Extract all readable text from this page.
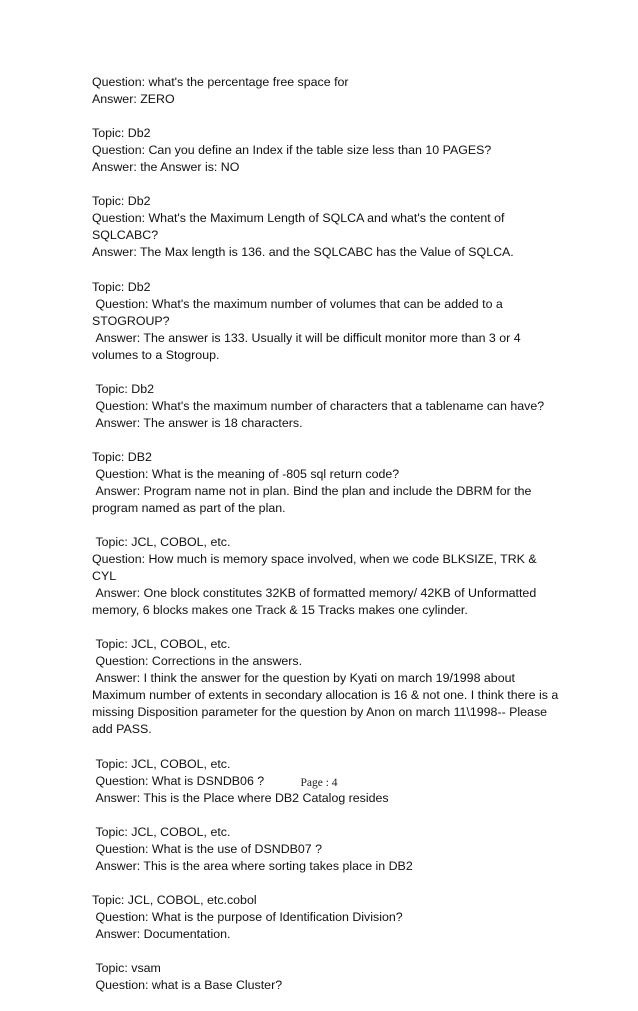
Question: what's the percentage free space for
Answer: ZERO
Topic: Db2
Question: Can you define an Index if the table size less than 10 PAGES?
Answer: the Answer is: NO
Topic: Db2
Question: What's the Maximum Length of SQLCA and what's the content of SQLCABC?
Answer: The Max length is 136. and the SQLCABC has the Value of SQLCA.
Topic: Db2
Question: What's the maximum number of volumes that can be added to a STOGROUP?
Answer: The answer is 133. Usually it will be difficult monitor more than 3 or 4 volumes to a Stogroup.
Topic: Db2
Question: What's the maximum number of characters that a tablename can have?
Answer: The answer is 18 characters.
Topic: DB2
Question: What is the meaning of -805 sql return code?
Answer: Program name not in plan. Bind the plan and include the DBRM for the program named as part of the plan.
Topic: JCL, COBOL, etc.
Question: How much is memory space involved, when we code BLKSIZE, TRK & CYL
Answer: One block constitutes 32KB of formatted memory/ 42KB of Unformatted memory, 6 blocks makes one Track & 15 Tracks makes one cylinder.
Topic: JCL, COBOL, etc.
Question: Corrections in the answers.
Answer: I think the answer for the question by Kyati on march 19/1998 about Maximum number of extents in secondary allocation is 16 & not one. I think there is a missing Disposition parameter for the question by Anon on march 11\1998-- Please add PASS.
Topic: JCL, COBOL, etc.
Question: What is DSNDB06 ?
Answer: This is the Place where DB2 Catalog resides
Topic: JCL, COBOL, etc.
Question: What is the use of DSNDB07 ?
Answer: This is the area where sorting takes place in DB2
Topic: JCL, COBOL, etc.cobol
Question: What is the purpose of Identification Division?
Answer: Documentation.
Topic: vsam
Question: what is a Base Cluster?
Page : 4
